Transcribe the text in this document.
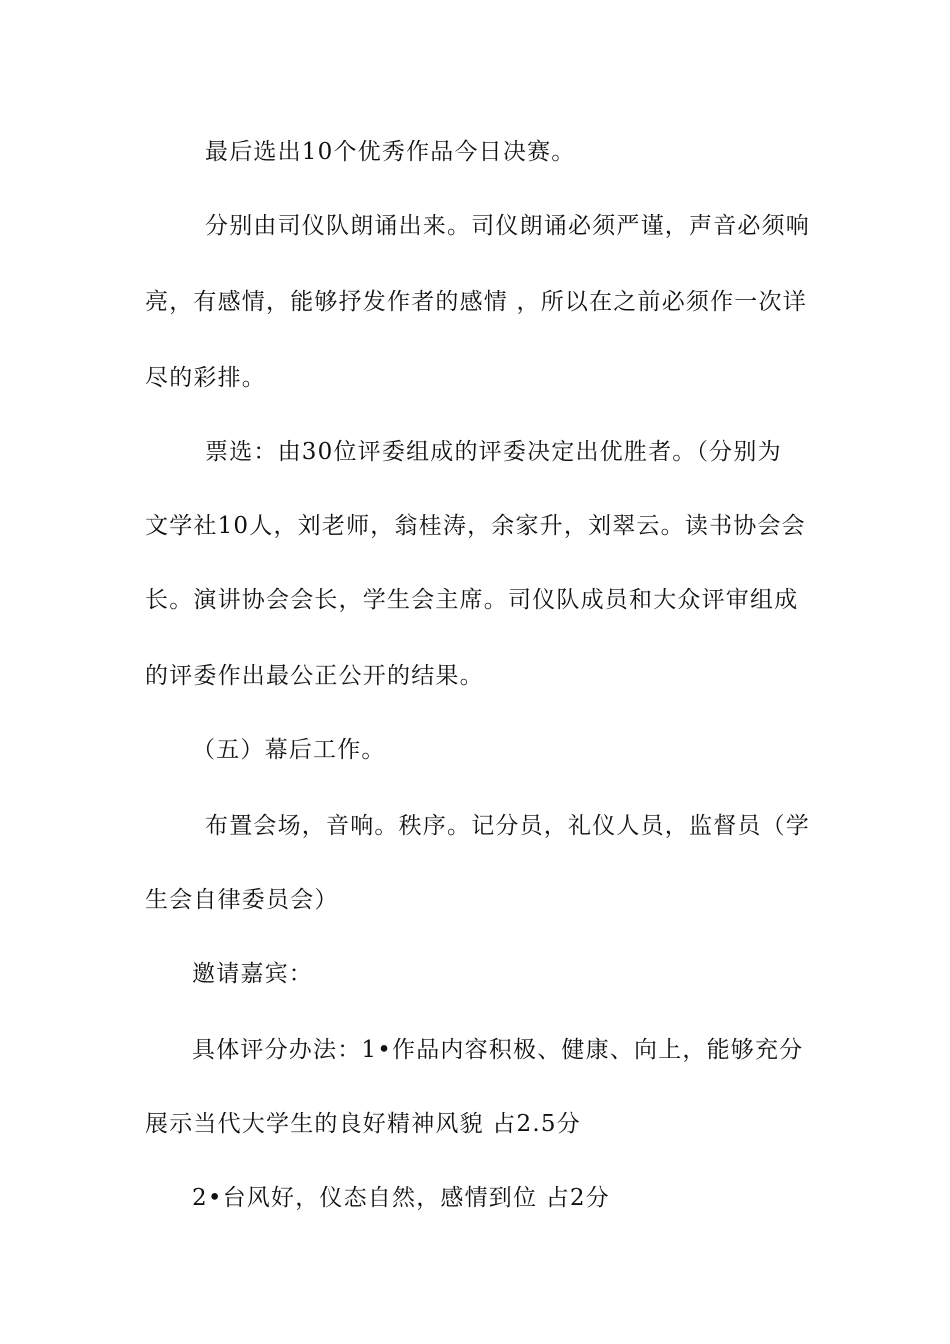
最后选出10个优秀作品今日决赛。
分别由司仪队朗诵出来。司仪朗诵必须严谨，声音必须响
亮，有感情，能够抒发作者的感情 ，所以在之前必须作一次详
尽的彩排。
票选：由30位评委组成的评委决定出优胜者。（分别为
文学社10人，刘老师，翁桂涛，余家升，刘翠云。读书协会会
长。演讲协会会长，学生会主席。司仪队成员和大众评审组成
的评委作出最公正公开的结果。
（五）幕后工作。
布置会场，音响。秩序。记分员，礼仪人员，监督员（学
生会自律委员会）
邀请嘉宾：
具体评分办法：1•作品内容积极、健康、向上，能够充分
展示当代大学生的良好精神风貌 占2.5分
2•台风好，仪态自然，感情到位 占2分
